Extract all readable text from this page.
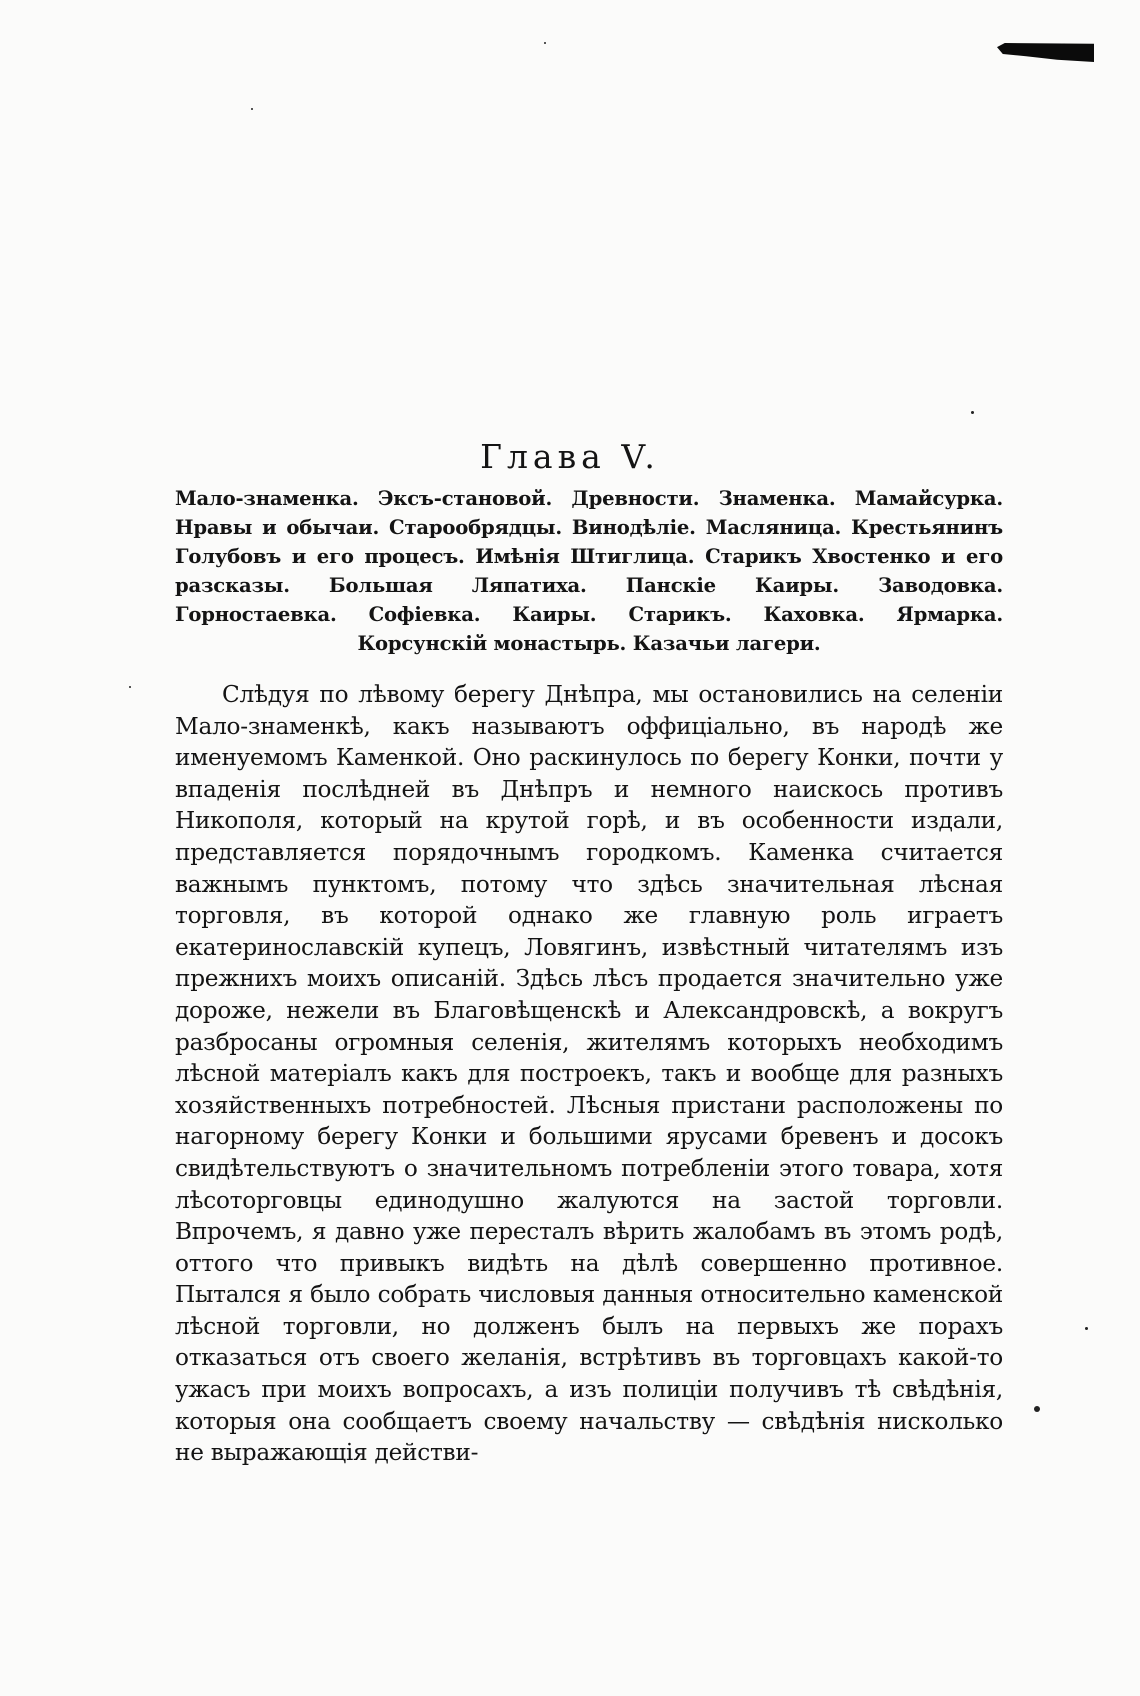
Глава V.
Мало-знаменка. Эксъ-становой. Древности. Знаменка. Мамайсурка. Нравы и обычаи. Старообрядцы. Винодѣліе. Масляница. Крестьянинъ Голубовъ и его процесъ. Имѣнія Штиглица. Старикъ Хвостенко и его разсказы. Большая Ляпатиха. Панскіе Каиры. Заводовка. Горностаевка. Софіевка. Каиры. Старикъ. Каховка. Ярмарка. Корсунскій монастырь. Казачьи лагери.

Слѣдуя по лѣвому берегу Днѣпра, мы остановились на селеніи Мало-знаменкѣ, какъ называютъ оффиціально, въ народѣ же именуемомъ Каменкой. Оно раскинулось по берегу Конки, почти у впаденія послѣдней въ Днѣпръ и немного наискось противъ Никополя, который на крутой горѣ, и въ особенности издали, представляется порядочнымъ городкомъ. Каменка считается важнымъ пунктомъ, потому что здѣсь значительная лѣсная торговля, въ которой однако же главную роль играетъ екатеринославскій купецъ, Ловягинъ, извѣстный читателямъ изъ прежнихъ моихъ описаній. Здѣсь лѣсъ продается значительно уже дороже, нежели въ Благовѣщенскѣ и Александровскѣ, а вокругъ разбросаны огромныя селенія, жителямъ которыхъ необходимъ лѣсной матеріалъ какъ для построекъ, такъ и вообще для разныхъ хозяйственныхъ потребностей. Лѣсныя пристани расположены по нагорному берегу Конки и большими ярусами бревенъ и досокъ свидѣтельствуютъ о значительномъ потребленіи этого товара, хотя лѣсоторговцы единодушно жалуются на застой торговли. Впрочемъ, я давно уже пересталъ вѣрить жалобамъ въ этомъ родѣ, оттого что привыкъ видѣть на дѣлѣ совершенно противное. Пытался я было собрать числовыя данныя относительно каменской лѣсной торговли, но долженъ былъ на первыхъ же порахъ отказаться отъ своего желанія, встрѣтивъ въ торговцахъ какой-то ужасъ при моихъ вопросахъ, а изъ полиціи получивъ тѣ свѣдѣнія, которыя она сообщаетъ своему начальству — свѣдѣнія нисколько не выражающія действи-
